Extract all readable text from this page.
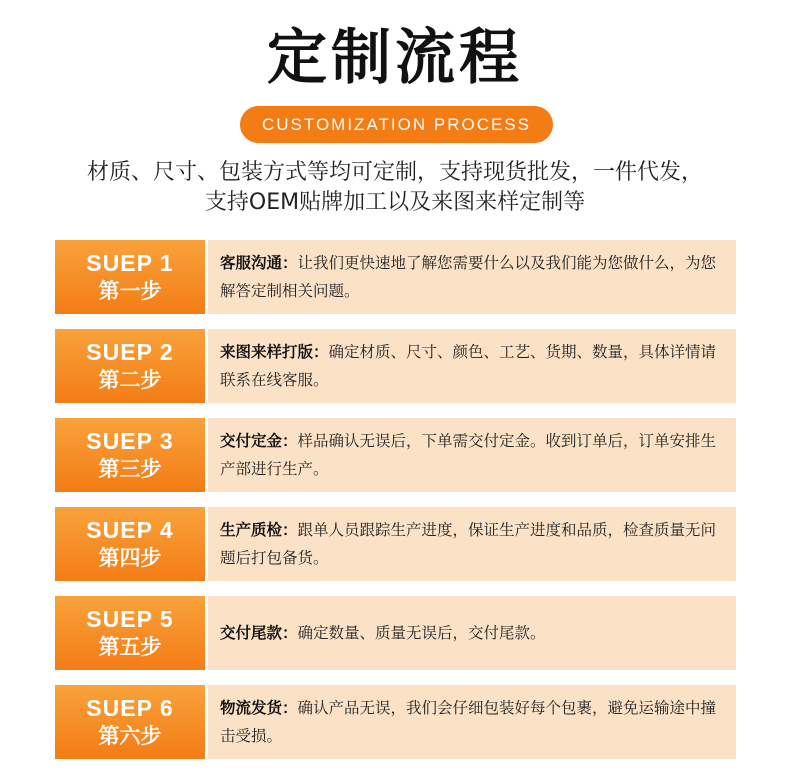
定制流程
CUSTOMIZATION PROCESS
材质、尺寸、包装方式等均可定制，支持现货批发，一件代发，
支持OEM贴牌加工以及来图来样定制等
SUEP 1
第一步
客服沟通：让我们更快速地了解您需要什么以及我们能为您做什么，为您解答定制相关问题。
SUEP 2
第二步
来图来样打版：确定材质、尺寸、颜色、工艺、货期、数量，具体详情请联系在线客服。
SUEP 3
第三步
交付定金：样品确认无误后，下单需交付定金。收到订单后，订单安排生产部进行生产。
SUEP 4
第四步
生产质检：跟单人员跟踪生产进度，保证生产进度和品质，检查质量无问题后打包备货。
SUEP 5
第五步
交付尾款：确定数量、质量无误后，交付尾款。
SUEP 6
第六步
物流发货：确认产品无误，我们会仔细包装好每个包裹，避免运输途中撞击受损。
